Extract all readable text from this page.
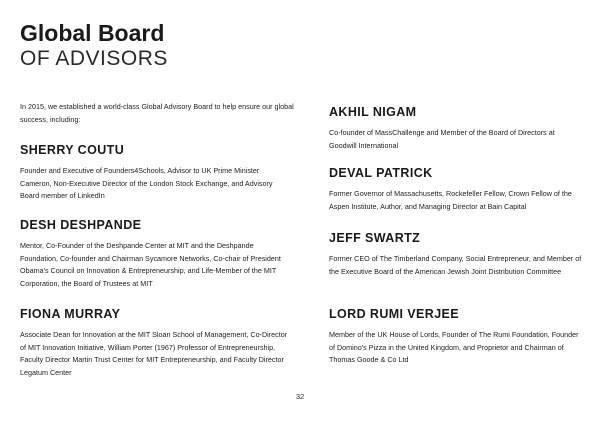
Global Board
OF ADVISORS

In 2015, we established a world-class Global Advisory Board to help ensure our global success, including:

SHERRY COUTU

Founder and Executive of Founders4Schools, Advisor to UK Prime Minister Cameron, Non-Executive Director of the London Stock Exchange, and Advisory Board member of LinkedIn

DESH DESHPANDE

Mentor, Co-Founder of the Deshpande Center at MIT and the Deshpande Foundation, Co-founder and Chairman Sycamore Networks, Co-chair of President Obama's Council on Innovation & Entrepreneurship, and Life-Member of the MIT Corporation, the Board of Trustees at MIT

FIONA MURRAY

Associate Dean for Innovation at the MIT Sloan School of Management, Co-Director of MIT Innovation Initiative, William Porter (1967) Professor of Entrepreneurship, Faculty Director Martin Trust Center for MIT Entrepreneurship, and Faculty Director Legatum Center

AKHIL NIGAM

Co-founder of MassChallenge and Member of the Board of Directors at Goodwill International

DEVAL PATRICK

Former Governor of Massachusetts, Rockefeller Fellow, Crown Fellow of the Aspen Institute, Author, and Managing Director at Bain Capital

JEFF SWARTZ

Former CEO of The Timberland Company, Social Entrepreneur, and Member of the Executive Board of the American Jewish Joint Distribution Committee

LORD RUMI VERJEE

Member of the UK House of Lords, Founder of The Rumi Foundation, Founder of Domino's Pizza in the United Kingdom, and Proprietor and Chairman of Thomas Goode & Co Ltd

32
